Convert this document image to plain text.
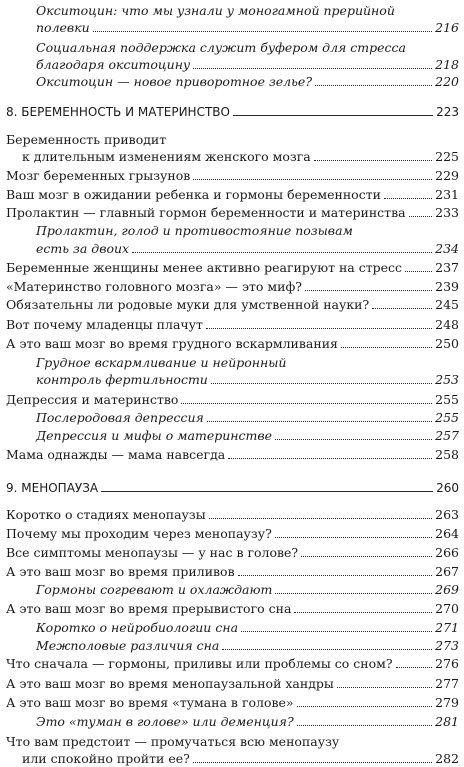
Окситоцин: что мы узнали у моногамной прерийной
полевки	216
Социальная поддержка служит буфером для стресса
благодаря окситоцину	218
Окситоцин — новое приворотное зелье?	220
8. БЕРЕМЕННОСТЬ И МАТЕРИНСТВО	223
Беременность приводит
к длительным изменениям женского мозга	225
Мозг беременных грызунов	229
Ваш мозг в ожидании ребенка и гормоны беременности	231
Пролактин — главный гормон беременности и материнства 233
Пролактин, голод и противостояние позывам
есть за двоих	234
Беременные женщины менее активно реагируют на стресс	237
«Материнство головного мозга» — это миф?	239
Обязательны ли родовые муки для умственной науки?	245
Вот почему младенцы плачут	248
А это ваш мозг во время грудного вскармливания	250
Грудное вскармливание и нейронный
контроль фертильности	253
Депрессия и материнство	255
Послеродовая депрессия	255
Депрессия и мифы о материнстве	257
Мама однажды — мама навсегда	258
9. МЕНОПАУЗА	260
Коротко о стадиях менопаузы	263
Почему мы проходим через менопаузу?	264
Все симптомы менопаузы — у нас в голове?	266
А это ваш мозг во время приливов	267
Гормоны согревают и охлаждают	269
А это ваш мозг во время прерывистого сна	270
Коротко о нейробиологии сна	271
Межполовые различия сна	273
Что сначала — гормоны, приливы или проблемы со сном?	276
А это ваш мозг во время менопаузальной хандры	277
А это ваш мозг во время «тумана в голове»	279
Это «туман в голове» или деменция?	281
Что вам предстоит — промучаться всю менопаузу
или спокойно пройти ее?	282
